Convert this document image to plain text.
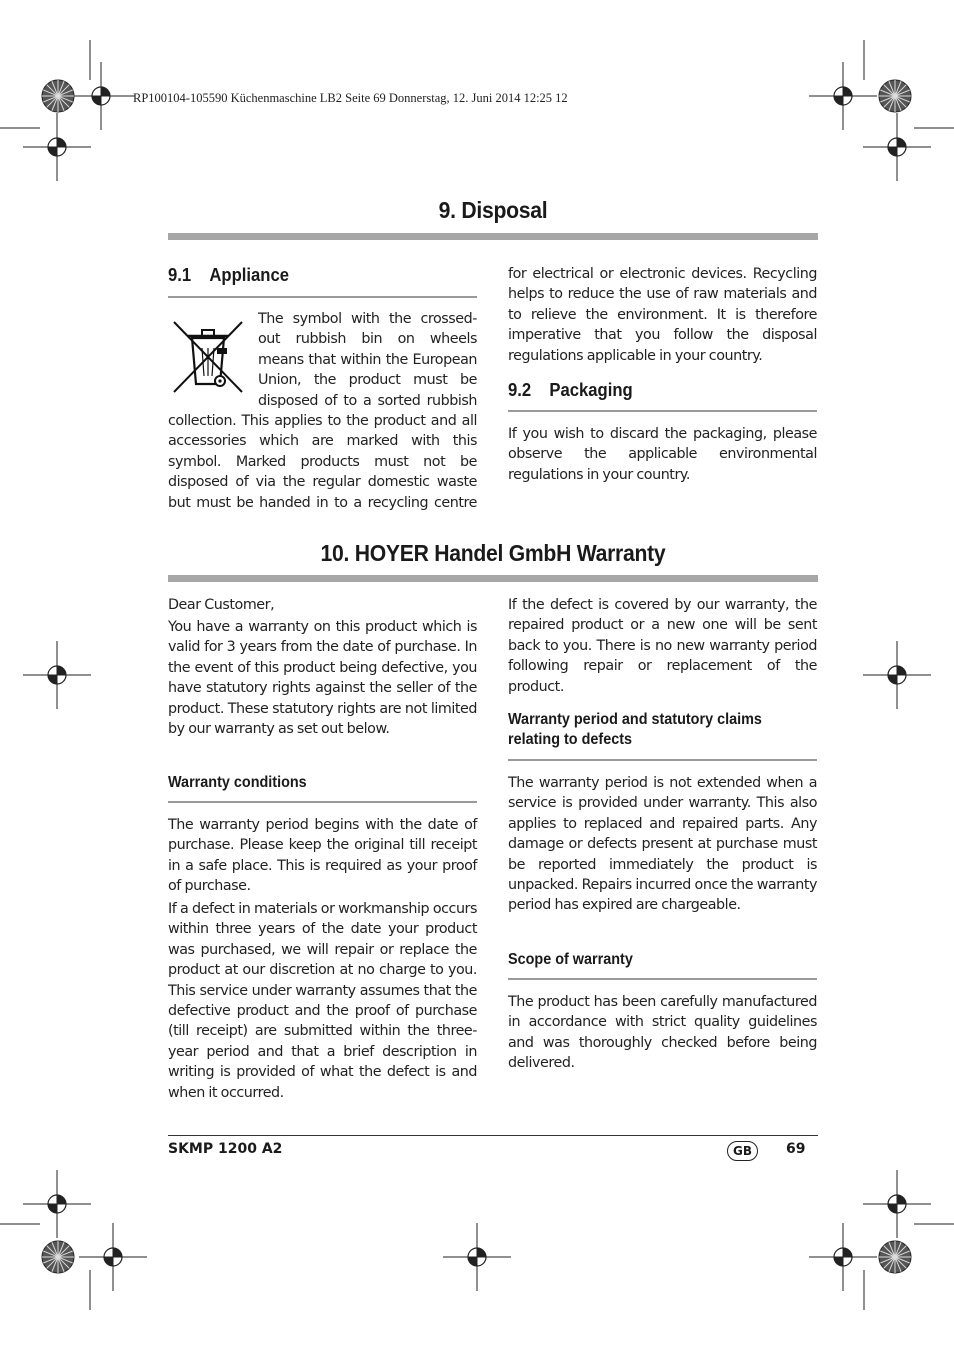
RP100104-105590 Küchenmaschine LB2 Seite 69 Donnerstag, 12. Juni 2014 12:25 12
9. Disposal
9.1 Appliance
The symbol with the crossed-
out rubbish bin on wheels
means that within the European
Union, the product must be
disposed of to a sorted rubbish
collection. This applies to the product and all accessories which are marked with this symbol. Marked products must not be disposed of via the regular domestic waste but must be handed in to a recycling centre
for electrical or electronic devices. Recycling helps to reduce the use of raw materials and to relieve the environment. It is therefore imperative that you follow the disposal regulations applicable in your country.
9.2 Packaging
If you wish to discard the packaging, please observe the applicable environmental regulations in your country.
10. HOYER Handel GmbH Warranty
Dear Customer,
You have a warranty on this product which is valid for 3 years from the date of purchase. In the event of this product being defective, you have statutory rights against the seller of the product. These statutory rights are not limited by our warranty as set out below.
Warranty conditions
The warranty period begins with the date of purchase. Please keep the original till receipt in a safe place. This is required as your proof of purchase.
If a defect in materials or workmanship occurs within three years of the date your product was purchased, we will repair or replace the product at our discretion at no charge to you. This service under warranty assumes that the defective product and the proof of purchase (till receipt) are submitted within the three-year period and that a brief description in writing is provided of what the defect is and when it occurred.
If the defect is covered by our warranty, the repaired product or a new one will be sent back to you. There is no new warranty period following repair or replacement of the product.
Warranty period and statutory claims
relating to defects
The warranty period is not extended when a service is provided under warranty. This also applies to replaced and repaired parts. Any damage or defects present at purchase must be reported immediately the product is unpacked. Repairs incurred once the warranty period has expired are chargeable.
Scope of warranty
The product has been carefully manufactured in accordance with strict quality guidelines and was thoroughly checked before being delivered.
SKMP 1200 A2	GB	69
